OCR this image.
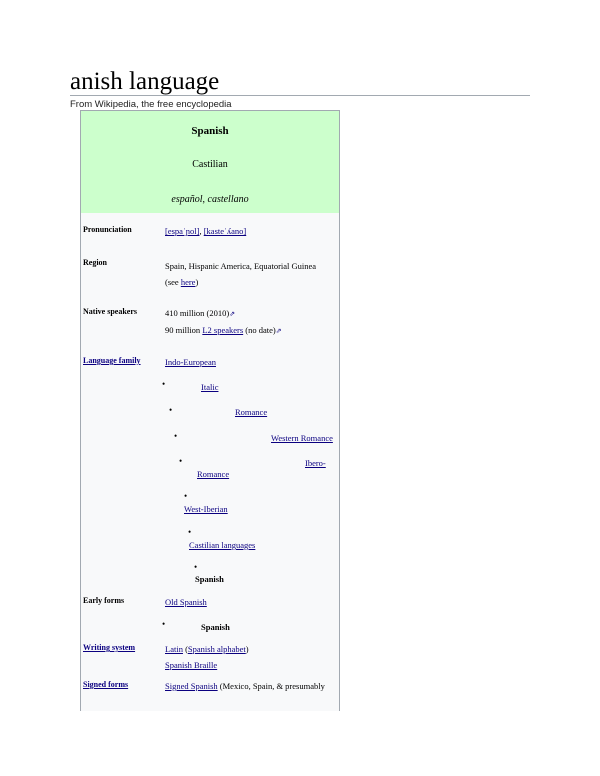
anish language
From Wikipedia, the free encyclopedia
Spanish
Castilian
español, castellano
Pronunciation	[espaˈɲol], [kasteˈʎano]
Region	Spain, Hispanic America, Equatorial Guinea
(see here)
Native speakers	410 million (2010)⇗
90 million L2 speakers (no date)⇗
Language family	Indo-European
•	Italic
•	Romance
•	Western Romance
•	Ibero-
Romance
•
West-Iberian
•
Castilian languages
•
Spanish
Early forms	Old Spanish
•	Spanish
Writing system	Latin (Spanish alphabet)
Spanish Braille
Signed forms	Signed Spanish (Mexico, Spain, & presumably
